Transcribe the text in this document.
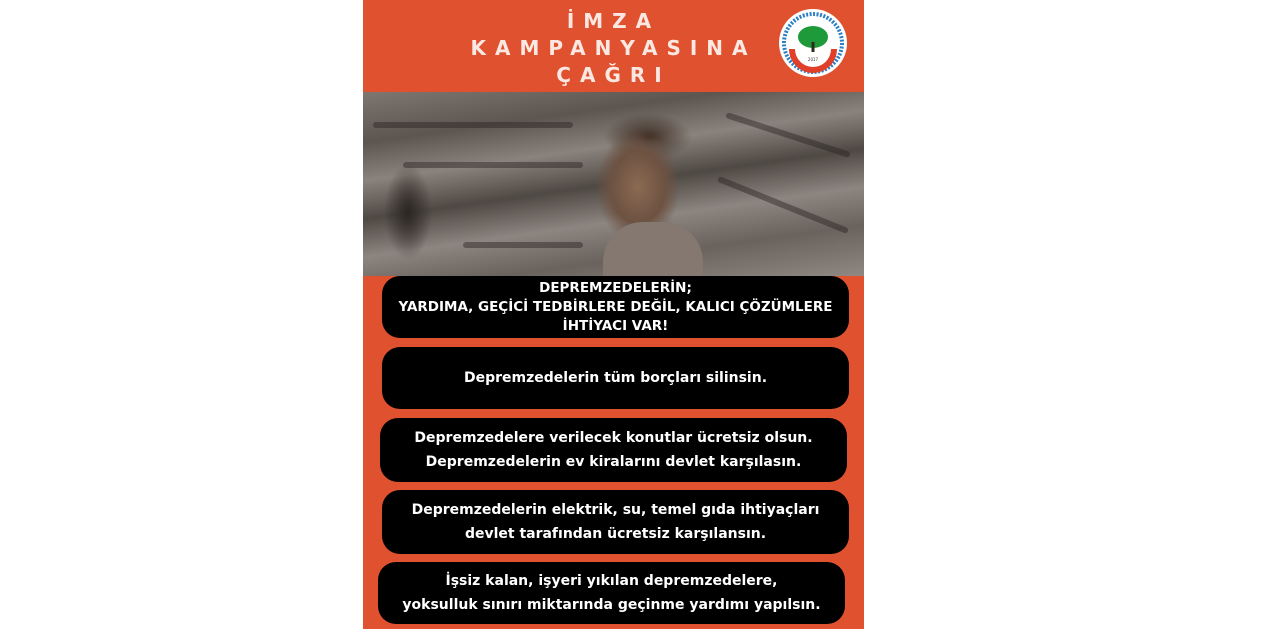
İMZA
KAMPANYASINA
ÇAĞRI
2017
DEPREMZEDELERİN;
YARDIMA, GEÇİCİ TEDBİRLERE DEĞİL, KALICI ÇÖZÜMLERE
İHTİYACI VAR!
Depremzedelerin tüm borçları silinsin.
Depremzedelere verilecek konutlar ücretsiz olsun.
Depremzedelerin ev kiralarını devlet karşılasın.
Depremzedelerin elektrik, su, temel gıda ihtiyaçları
devlet tarafından ücretsiz karşılansın.
İşsiz kalan, işyeri yıkılan depremzedelere,
yoksulluk sınırı miktarında geçinme yardımı yapılsın.
